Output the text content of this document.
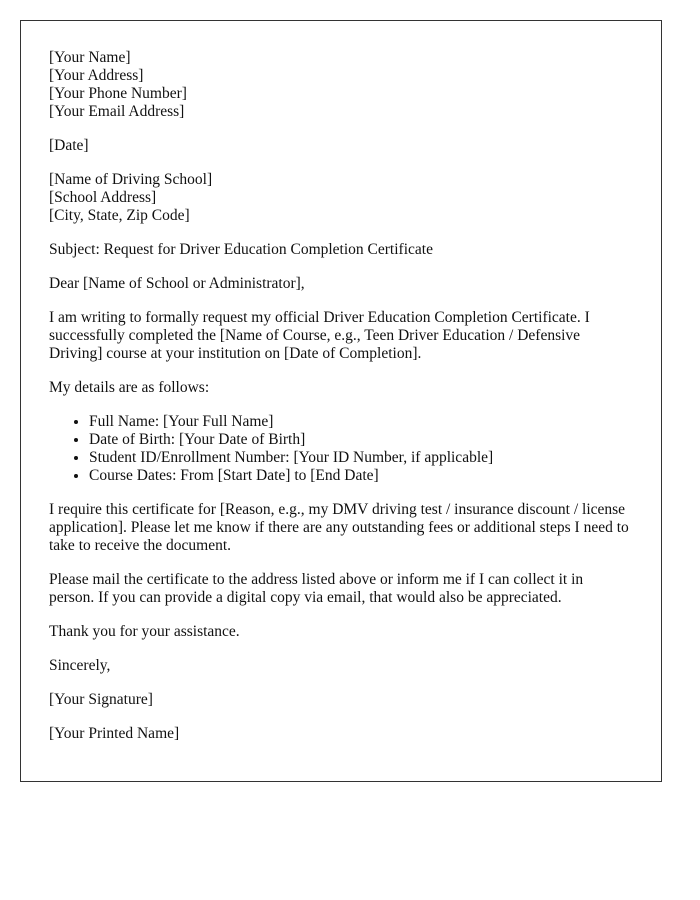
[Your Name]
[Your Address]
[Your Phone Number]
[Your Email Address]

[Date]

[Name of Driving School]
[School Address]
[City, State, Zip Code]

Subject: Request for Driver Education Completion Certificate

Dear [Name of School or Administrator],

I am writing to formally request my official Driver Education Completion Certificate. I successfully completed the [Name of Course, e.g., Teen Driver Education / Defensive Driving] course at your institution on [Date of Completion].

My details are as follows:

• Full Name: [Your Full Name]
• Date of Birth: [Your Date of Birth]
• Student ID/Enrollment Number: [Your ID Number, if applicable]
• Course Dates: From [Start Date] to [End Date]

I require this certificate for [Reason, e.g., my DMV driving test / insurance discount / license application]. Please let me know if there are any outstanding fees or additional steps I need to take to receive the document.

Please mail the certificate to the address listed above or inform me if I can collect it in person. If you can provide a digital copy via email, that would also be appreciated.

Thank you for your assistance.

Sincerely,

[Your Signature]

[Your Printed Name]
